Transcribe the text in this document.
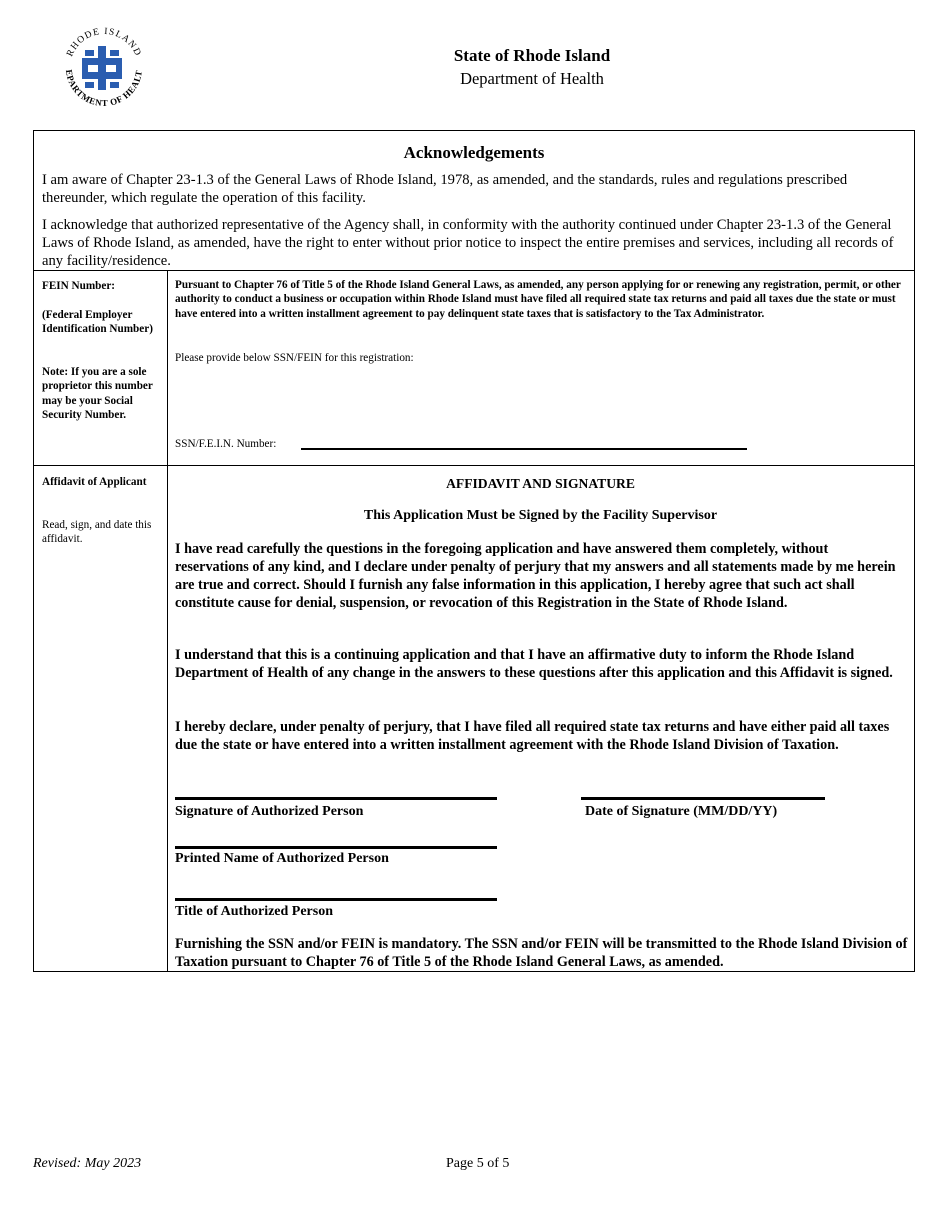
RHODE ISLAND
EPARTMENT OF HEALT
State of Rhode Island
Department of Health
Acknowledgements
I am aware of Chapter 23-1.3 of the General Laws of Rhode Island, 1978, as amended, and the standards, rules and regulations prescribed thereunder, which regulate the operation of this facility.
I acknowledge that authorized representative of the Agency shall, in conformity with the authority continued under Chapter 23-1.3 of the General Laws of Rhode Island, as amended, have the right to enter without prior notice to inspect the entire premises and services, including all records of any facility/residence.
FEIN Number:
(Federal Employer Identification Number)
Note: If you are a sole proprietor this number may be your Social Security Number.
Pursuant to Chapter 76 of Title 5 of the Rhode Island General Laws, as amended, any person applying for or renewing any registration, permit, or other authority to conduct a business or occupation within Rhode Island must have filed all required state tax returns and paid all taxes due the state or must have entered into a written installment agreement to pay delinquent state taxes that is satisfactory to the Tax Administrator.
Please provide below SSN/FEIN for this registration:
SSN/F.E.I.N. Number:
Affidavit of Applicant
Read, sign, and date this affidavit.
AFFIDAVIT AND SIGNATURE
This Application Must be Signed by the Facility Supervisor
I have read carefully the questions in the foregoing application and have answered them completely, without reservations of any kind, and I declare under penalty of perjury that my answers and all statements made by me herein are true and correct. Should I furnish any false information in this application, I hereby agree that such act shall constitute cause for denial, suspension, or revocation of this Registration in the State of Rhode Island.
I understand that this is a continuing application and that I have an affirmative duty to inform the Rhode Island Department of Health of any change in the answers to these questions after this application and this Affidavit is signed.
I hereby declare, under penalty of perjury, that I have filed all required state tax returns and have either paid all taxes due the state or have entered into a written installment agreement with the Rhode Island Division of Taxation.
Signature of Authorized Person	Date of Signature (MM/DD/YY)
Printed Name of Authorized Person
Title of Authorized Person
Furnishing the SSN and/or FEIN is mandatory. The SSN and/or FEIN will be transmitted to the Rhode Island Division of Taxation pursuant to Chapter 76 of Title 5 of the Rhode Island General Laws, as amended.
Revised: May 2023	Page 5 of 5
